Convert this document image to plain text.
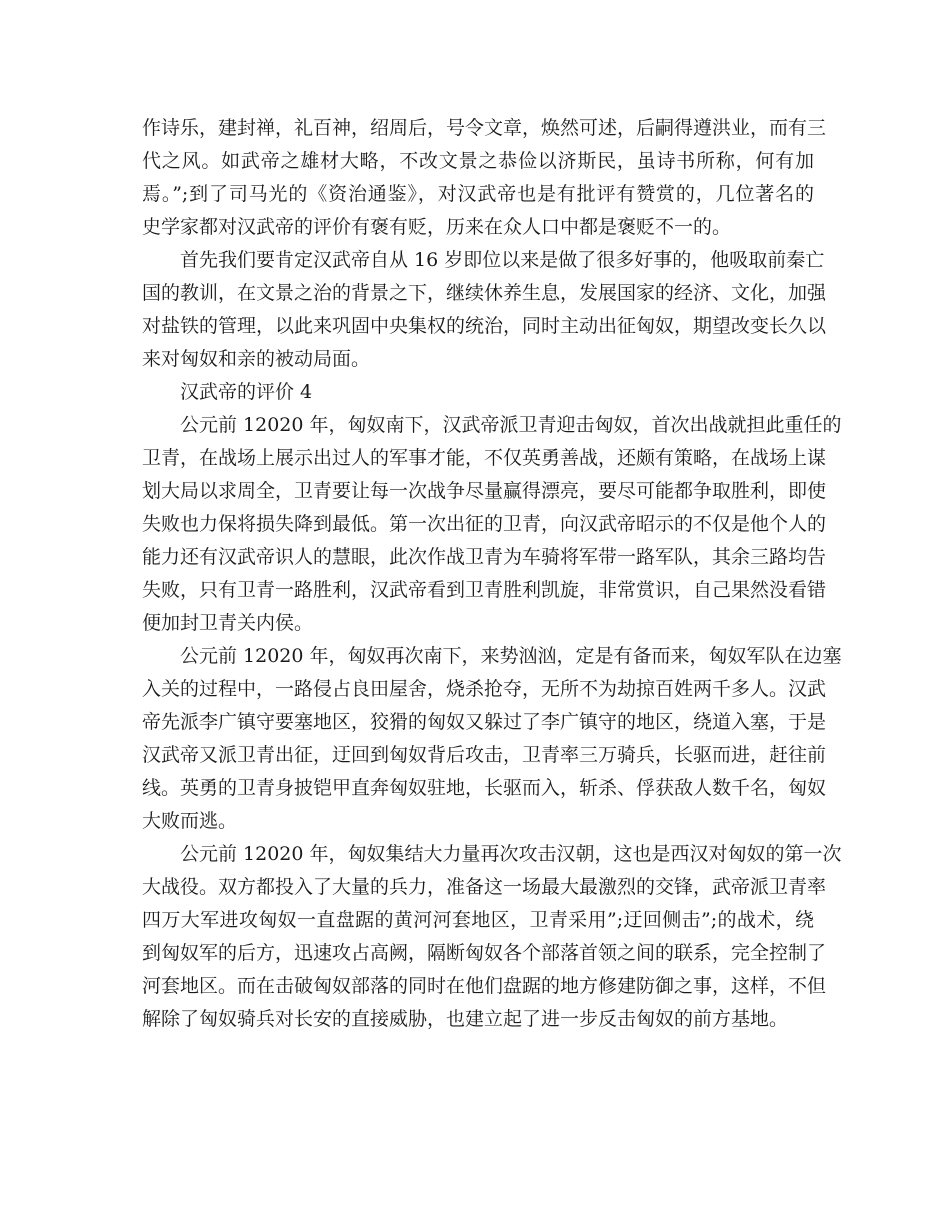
作诗乐，建封禅，礼百神，绍周后，号令文章，焕然可述，后嗣得遵洪业，而有三
代之风。如武帝之雄材大略，不改文景之恭俭以济斯民，虽诗书所称，何有加
焉。”;到了司马光的《资治通鉴》，对汉武帝也是有批评有赞赏的，几位著名的
史学家都对汉武帝的评价有褒有贬，历来在众人口中都是褒贬不一的。
首先我们要肯定汉武帝自从 16 岁即位以来是做了很多好事的，他吸取前秦亡
国的教训，在文景之治的背景之下，继续休养生息，发展国家的经济、文化，加强
对盐铁的管理，以此来巩固中央集权的统治，同时主动出征匈奴，期望改变长久以
来对匈奴和亲的被动局面。
汉武帝的评价 4
公元前 12020 年，匈奴南下，汉武帝派卫青迎击匈奴，首次出战就担此重任的
卫青，在战场上展示出过人的军事才能，不仅英勇善战，还颇有策略，在战场上谋
划大局以求周全，卫青要让每一次战争尽量赢得漂亮，要尽可能都争取胜利，即使
失败也力保将损失降到最低。第一次出征的卫青，向汉武帝昭示的不仅是他个人的
能力还有汉武帝识人的慧眼，此次作战卫青为车骑将军带一路军队，其余三路均告
失败，只有卫青一路胜利，汉武帝看到卫青胜利凯旋，非常赏识，自己果然没看错
便加封卫青关内侯。
公元前 12020 年，匈奴再次南下，来势汹汹，定是有备而来，匈奴军队在边塞
入关的过程中，一路侵占良田屋舍，烧杀抢夺，无所不为劫掠百姓两千多人。汉武
帝先派李广镇守要塞地区，狡猾的匈奴又躲过了李广镇守的地区，绕道入塞，于是
汉武帝又派卫青出征，迂回到匈奴背后攻击，卫青率三万骑兵，长驱而进，赶往前
线。英勇的卫青身披铠甲直奔匈奴驻地，长驱而入，斩杀、俘获敌人数千名，匈奴
大败而逃。
公元前 12020 年，匈奴集结大力量再次攻击汉朝，这也是西汉对匈奴的第一次
大战役。双方都投入了大量的兵力，准备这一场最大最激烈的交锋，武帝派卫青率
四万大军进攻匈奴一直盘踞的黄河河套地区，卫青采用”;迂回侧击”;的战术，绕
到匈奴军的后方，迅速攻占高阙，隔断匈奴各个部落首领之间的联系，完全控制了
河套地区。而在击破匈奴部落的同时在他们盘踞的地方修建防御之事，这样，不但
解除了匈奴骑兵对长安的直接威胁，也建立起了进一步反击匈奴的前方基地。
